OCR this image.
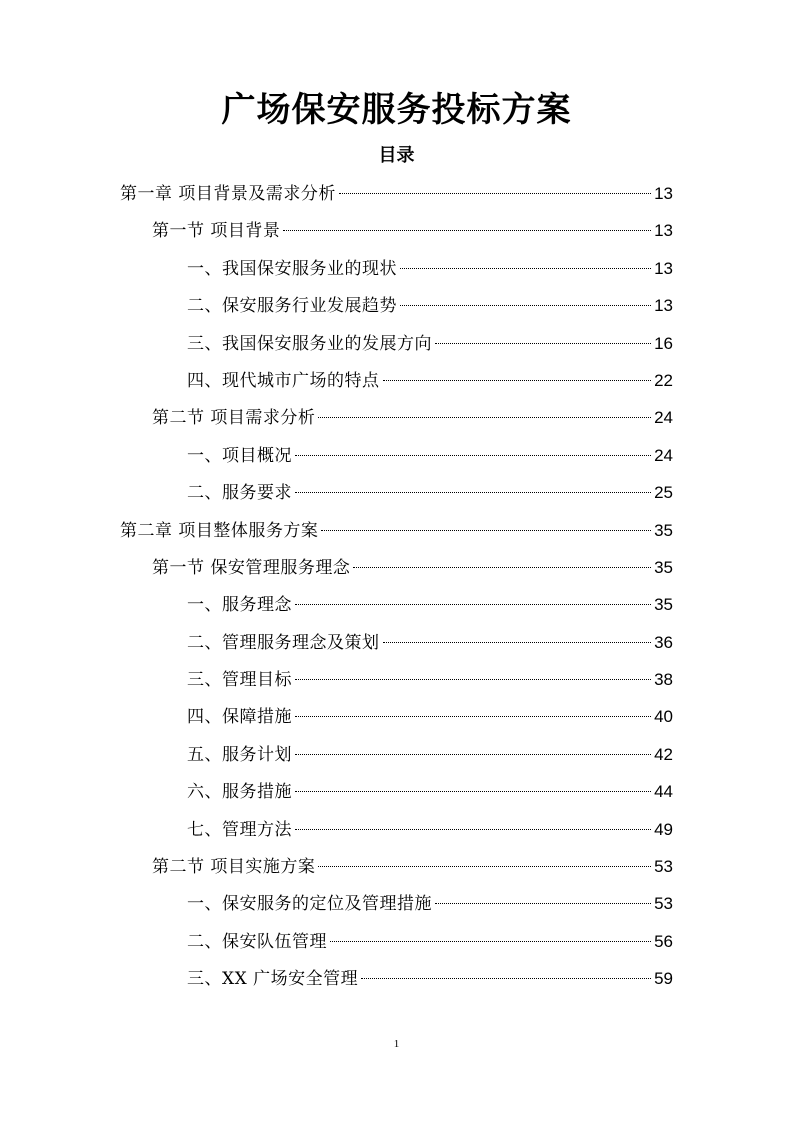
广场保安服务投标方案
目录
第一章 项目背景及需求分析	13
第一节 项目背景	13
一、我国保安服务业的现状	13
二、保安服务行业发展趋势	13
三、我国保安服务业的发展方向	16
四、现代城市广场的特点	22
第二节 项目需求分析	24
一、项目概况	24
二、服务要求	25
第二章 项目整体服务方案	35
第一节 保安管理服务理念	35
一、服务理念	35
二、管理服务理念及策划	36
三、管理目标	38
四、保障措施	40
五、服务计划	42
六、服务措施	44
七、管理方法	49
第二节 项目实施方案	53
一、保安服务的定位及管理措施	53
二、保安队伍管理	56
三、XX 广场安全管理	59
1
